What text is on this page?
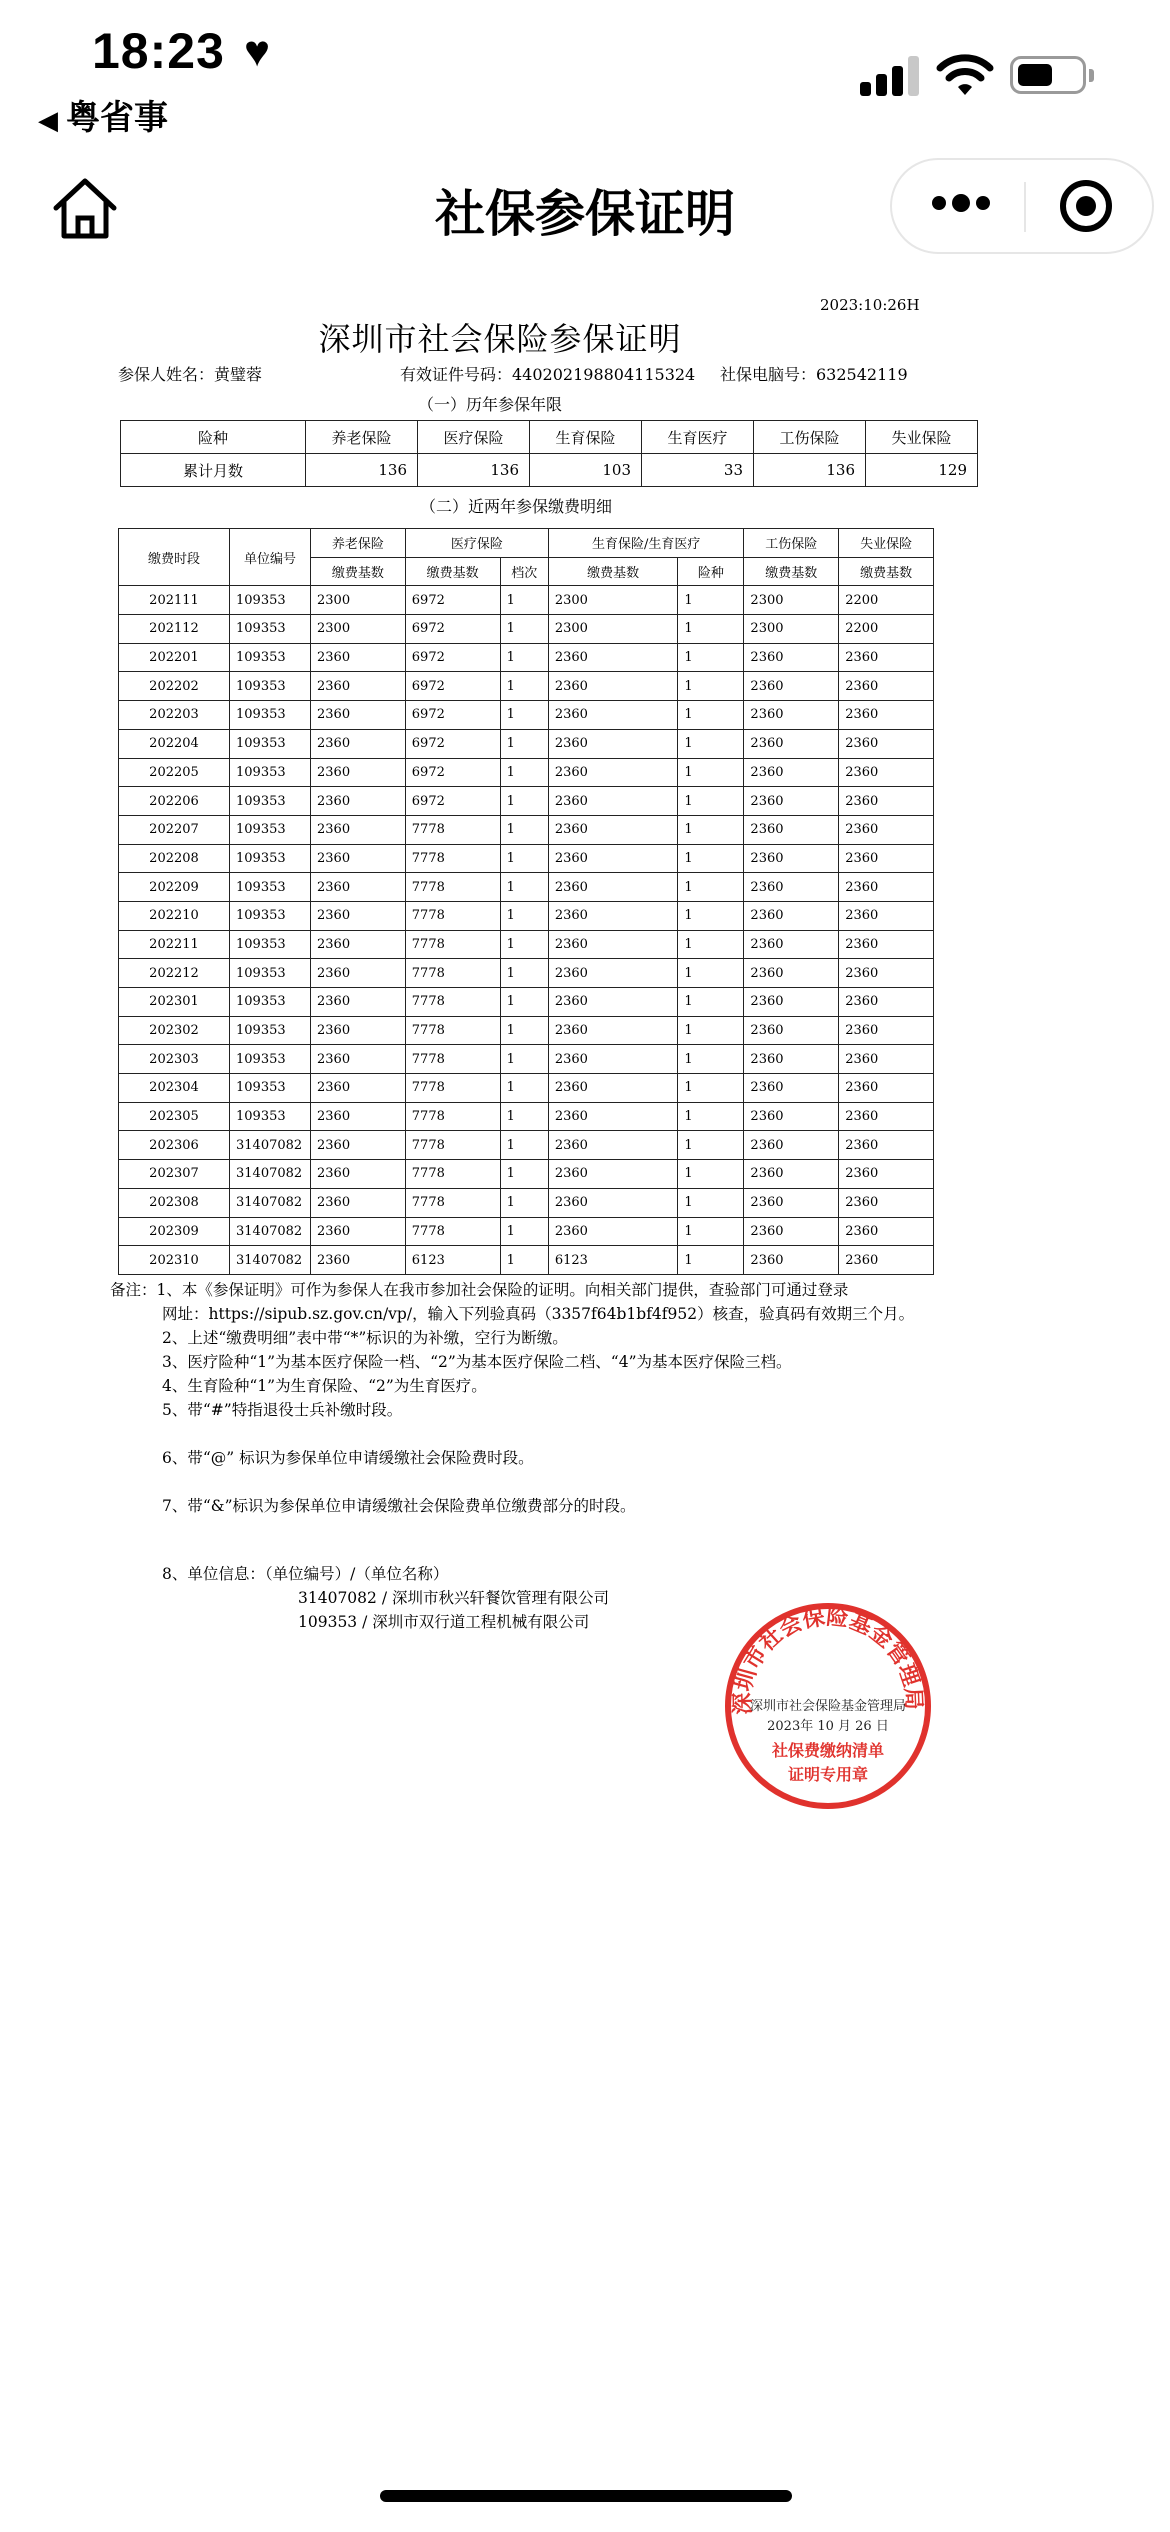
18:23 ♥
◀ 粤省事
社保参保证明
2023:10:26H
深圳市社会保险参保证明
参保人姓名：黄璧蓉	有效证件号码：440202198804115324 社保电脑号：632542119
（一）历年参保年限
险种	养老保险	医疗保险	生育保险	生育医疗	工伤保险	失业保险
累计月数	136	136	103	33	136	129
（二）近两年参保缴费明细
缴费时段	单位编号	养老保险	医疗保险		生育保险/生育医疗		工伤保险	失业保险
		缴费基数	缴费基数	档次	缴费基数	险种	缴费基数	缴费基数
202111	109353	2300	6972	1	2300	1	2300	2200
202112	109353	2300	6972	1	2300	1	2300	2200
202201	109353	2360	6972	1	2360	1	2360	2360
202202	109353	2360	6972	1	2360	1	2360	2360
202203	109353	2360	6972	1	2360	1	2360	2360
202204	109353	2360	6972	1	2360	1	2360	2360
202205	109353	2360	6972	1	2360	1	2360	2360
202206	109353	2360	6972	1	2360	1	2360	2360
202207	109353	2360	7778	1	2360	1	2360	2360
202208	109353	2360	7778	1	2360	1	2360	2360
202209	109353	2360	7778	1	2360	1	2360	2360
202210	109353	2360	7778	1	2360	1	2360	2360
202211	109353	2360	7778	1	2360	1	2360	2360
202212	109353	2360	7778	1	2360	1	2360	2360
202301	109353	2360	7778	1	2360	1	2360	2360
202302	109353	2360	7778	1	2360	1	2360	2360
202303	109353	2360	7778	1	2360	1	2360	2360
202304	109353	2360	7778	1	2360	1	2360	2360
202305	109353	2360	7778	1	2360	1	2360	2360
202306	31407082	2360	7778	1	2360	1	2360	2360
202307	31407082	2360	7778	1	2360	1	2360	2360
202308	31407082	2360	7778	1	2360	1	2360	2360
202309	31407082	2360	7778	1	2360	1	2360	2360
202310	31407082	2360	6123	1	6123	1	2360	2360
备注：1、本《参保证明》可作为参保人在我市参加社会保险的证明。向相关部门提供，查验部门可通过登录
网址：https://sipub.sz.gov.cn/vp/，输入下列验真码（3357f64b1bf4f952）核查，验真码有效期三个月。
2、上述“缴费明细”表中带“*”标识的为补缴，空行为断缴。
3、医疗险种“1”为基本医疗保险一档、“2”为基本医疗保险二档、“4”为基本医疗保险三档。
4、生育险种“1”为生育保险、“2”为生育医疗。
5、带“#”特指退役士兵补缴时段。
6、带“@” 标识为参保单位申请缓缴社会保险费时段。
7、带“&”标识为参保单位申请缓缴社会保险费单位缴费部分的时段。
8、单位信息：（单位编号）/（单位名称）
31407082 / 深圳市秋兴轩餐饮管理有限公司
109353 / 深圳市双行道工程机械有限公司
深圳市社会保险基金管理局
深圳市社会保险基金管理局
2023年 10 月 26 日
社保费缴纳清单
证明专用章
